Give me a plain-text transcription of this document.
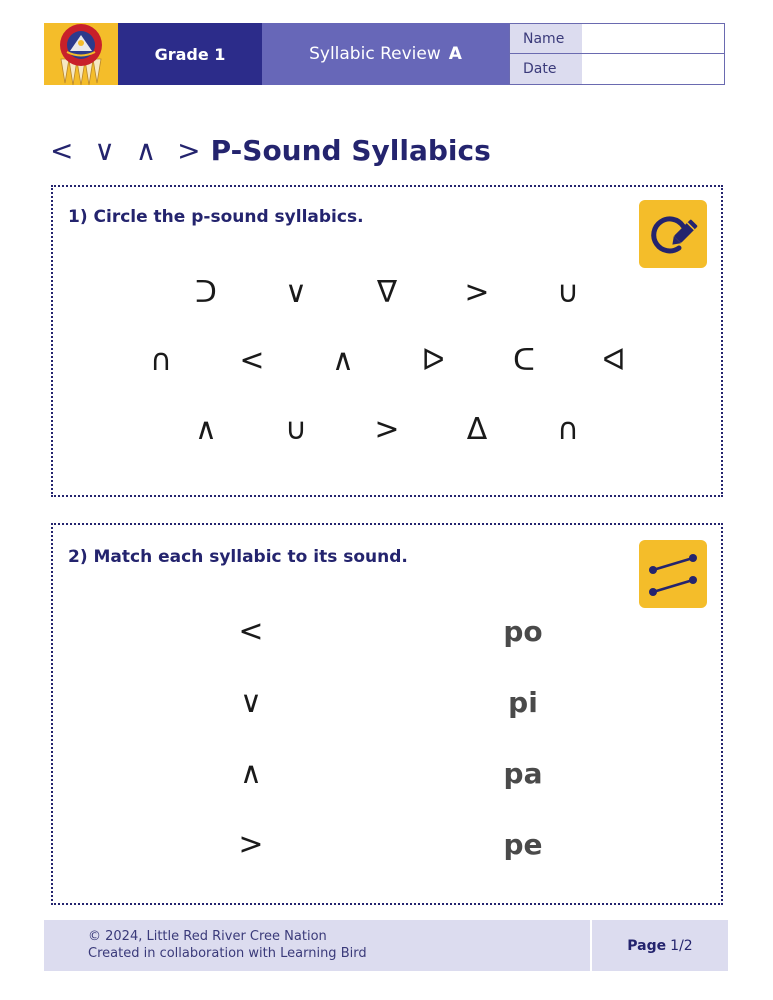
Grade 1	Syllabic Review A
Name
Date
< ∨ ∧ > P-Sound Syllabics
1) Circle the p-sound syllabics.
ᑐ	∨	ᐁ	>	∪
∩	<	∧	ᐅ	ᑕ	ᐊ
∧	∪	>	ᐃ	∩
2) Match each syllabic to its sound.
<	po
∨	pi
∧	pa
>	pe
© 2024, Little Red River Cree Nation
Created in collaboration with Learning Bird	Page 1/2
